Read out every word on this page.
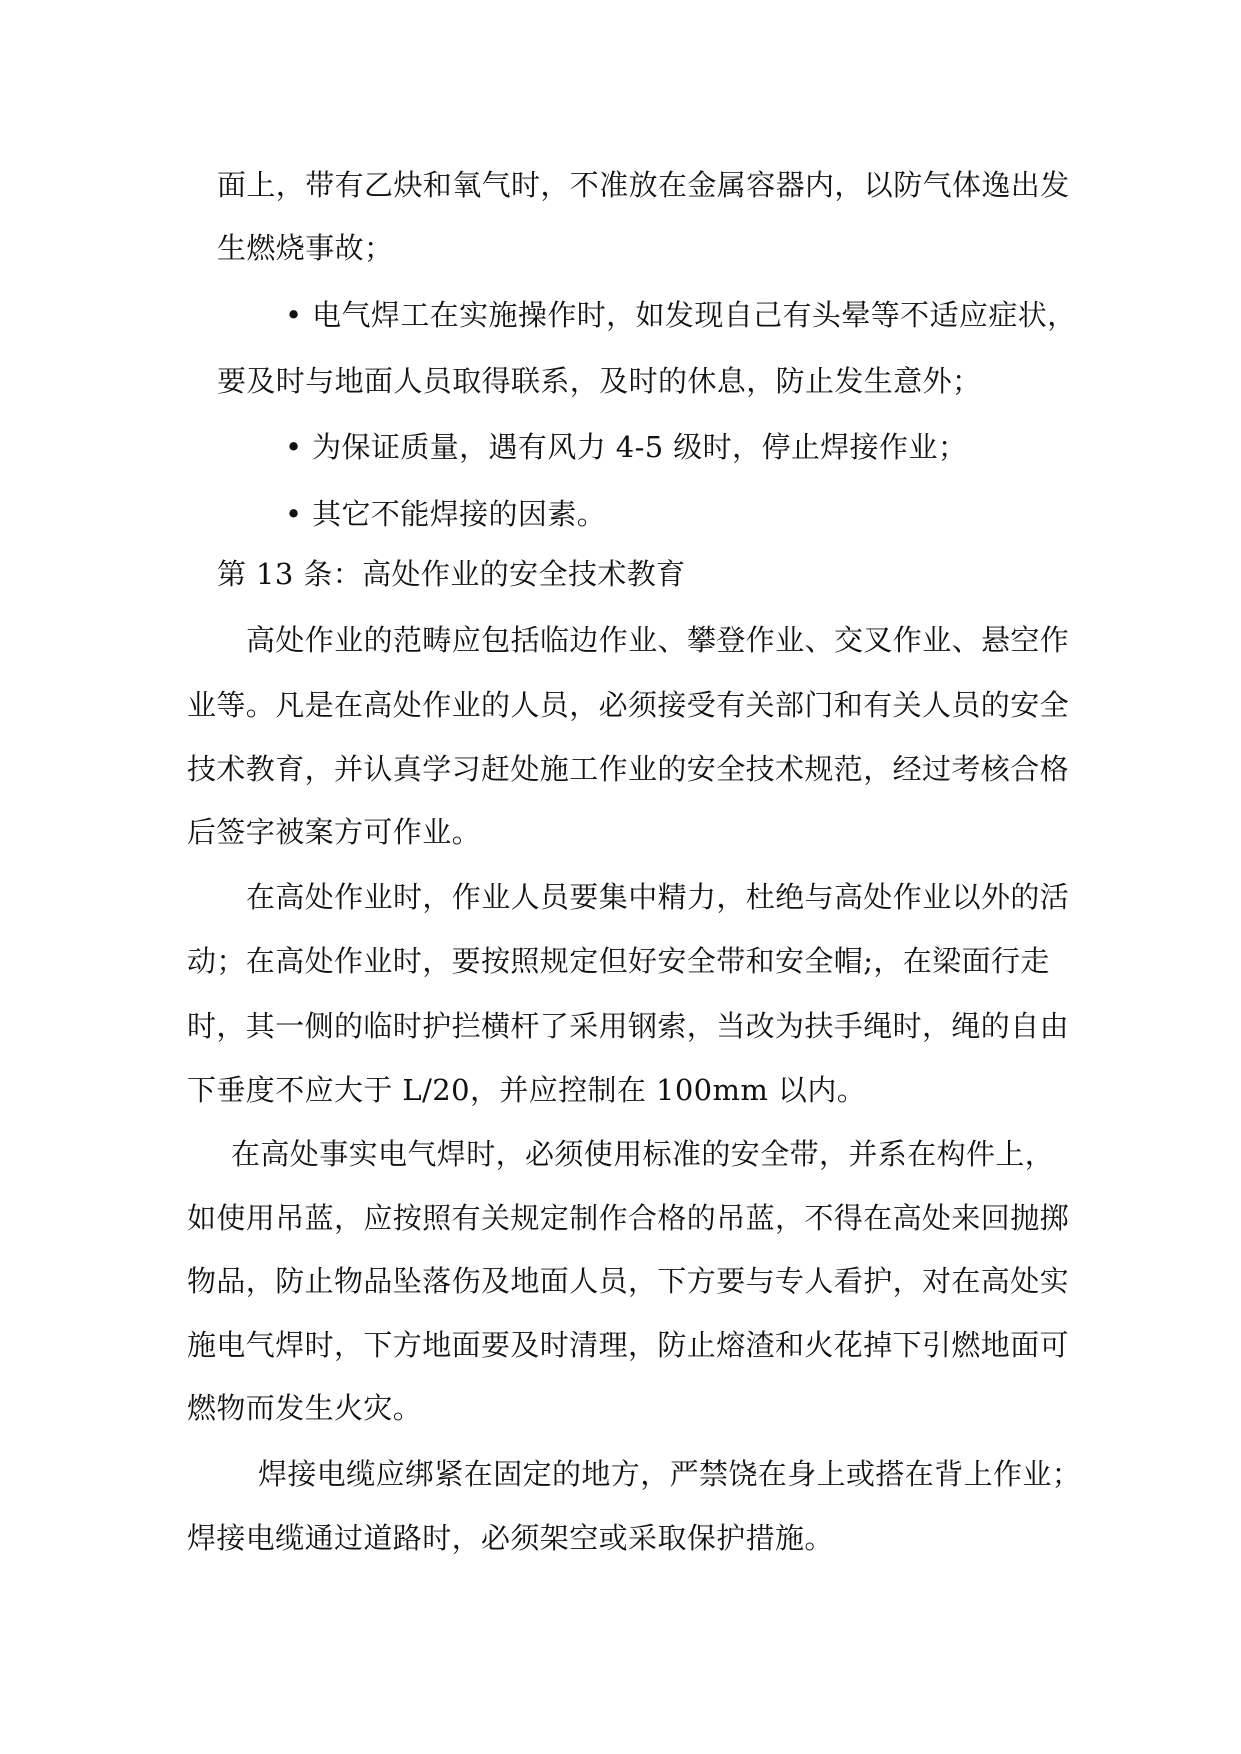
面上，带有乙炔和氧气时，不准放在金属容器内，以防气体逸出发
生燃烧事故；
• 电气焊工在实施操作时，如发现自己有头晕等不适应症状，
要及时与地面人员取得联系，及时的休息，防止发生意外；
• 为保证质量，遇有风力 4-5 级时，停止焊接作业；
• 其它不能焊接的因素。
第 13 条：高处作业的安全技术教育
高处作业的范畴应包括临边作业、攀登作业、交叉作业、悬空作
业等。凡是在高处作业的人员，必须接受有关部门和有关人员的安全
技术教育，并认真学习赶处施工作业的安全技术规范，经过考核合格
后签字被案方可作业。
在高处作业时，作业人员要集中精力，杜绝与高处作业以外的活
动；在高处作业时，要按照规定但好安全带和安全帽;，在梁面行走
时，其一侧的临时护拦横杆了采用钢索，当改为扶手绳时，绳的自由
下垂度不应大于 L/20，并应控制在 100mm 以内。
在高处事实电气焊时，必须使用标准的安全带，并系在构件上，
如使用吊蓝，应按照有关规定制作合格的吊蓝，不得在高处来回抛掷
物品，防止物品坠落伤及地面人员，下方要与专人看护，对在高处实
施电气焊时，下方地面要及时清理，防止熔渣和火花掉下引燃地面可
燃物而发生火灾。
焊接电缆应绑紧在固定的地方，严禁饶在身上或搭在背上作业；
焊接电缆通过道路时，必须架空或采取保护措施。
